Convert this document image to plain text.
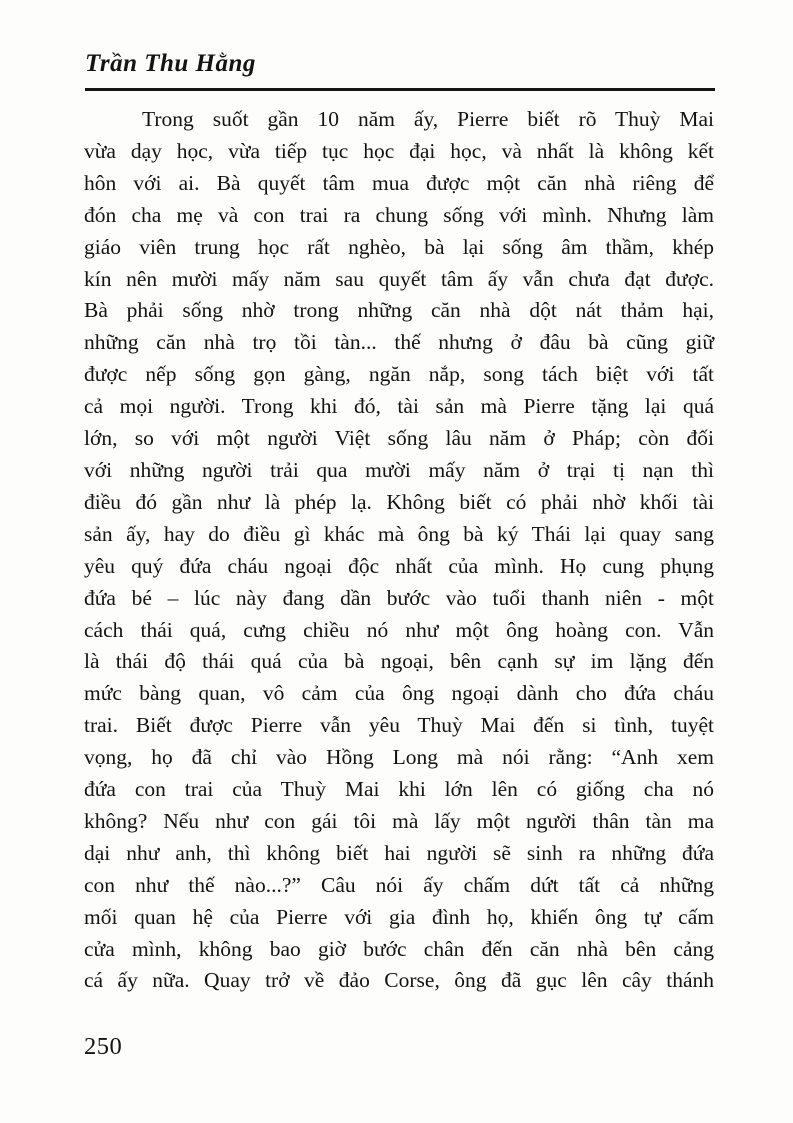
Trần Thu Hằng
Trong suốt gần 10 năm ấy, Pierre biết rõ Thuỳ Mai
vừa dạy học, vừa tiếp tục học đại học, và nhất là không kết
hôn với ai. Bà quyết tâm mua được một căn nhà riêng để
đón cha mẹ và con trai ra chung sống với mình. Nhưng làm
giáo viên trung học rất nghèo, bà lại sống âm thầm, khép
kín nên mười mấy năm sau quyết tâm ấy vẫn chưa đạt được.
Bà phải sống nhờ trong những căn nhà dột nát thảm hại,
những căn nhà trọ tồi tàn... thế nhưng ở đâu bà cũng giữ
được nếp sống gọn gàng, ngăn nắp, song tách biệt với tất
cả mọi người. Trong khi đó, tài sản mà Pierre tặng lại quá
lớn, so với một người Việt sống lâu năm ở Pháp; còn đối
với những người trải qua mười mấy năm ở trại tị nạn thì
điều đó gần như là phép lạ. Không biết có phải nhờ khối tài
sản ấy, hay do điều gì khác mà ông bà ký Thái lại quay sang
yêu quý đứa cháu ngoại độc nhất của mình. Họ cung phụng
đứa bé – lúc này đang dần bước vào tuổi thanh niên - một
cách thái quá, cưng chiều nó như một ông hoàng con. Vẫn
là thái độ thái quá của bà ngoại, bên cạnh sự im lặng đến
mức bàng quan, vô cảm của ông ngoại dành cho đứa cháu
trai. Biết được Pierre vẫn yêu Thuỳ Mai đến si tình, tuyệt
vọng, họ đã chỉ vào Hồng Long mà nói rằng: “Anh xem
đứa con trai của Thuỳ Mai khi lớn lên có giống cha nó
không? Nếu như con gái tôi mà lấy một người thân tàn ma
dại như anh, thì không biết hai người sẽ sinh ra những đứa
con như thế nào...?” Câu nói ấy chấm dứt tất cả những
mối quan hệ của Pierre với gia đình họ, khiến ông tự cấm
cửa mình, không bao giờ bước chân đến căn nhà bên cảng
cá ấy nữa. Quay trở về đảo Corse, ông đã gục lên cây thánh
250
